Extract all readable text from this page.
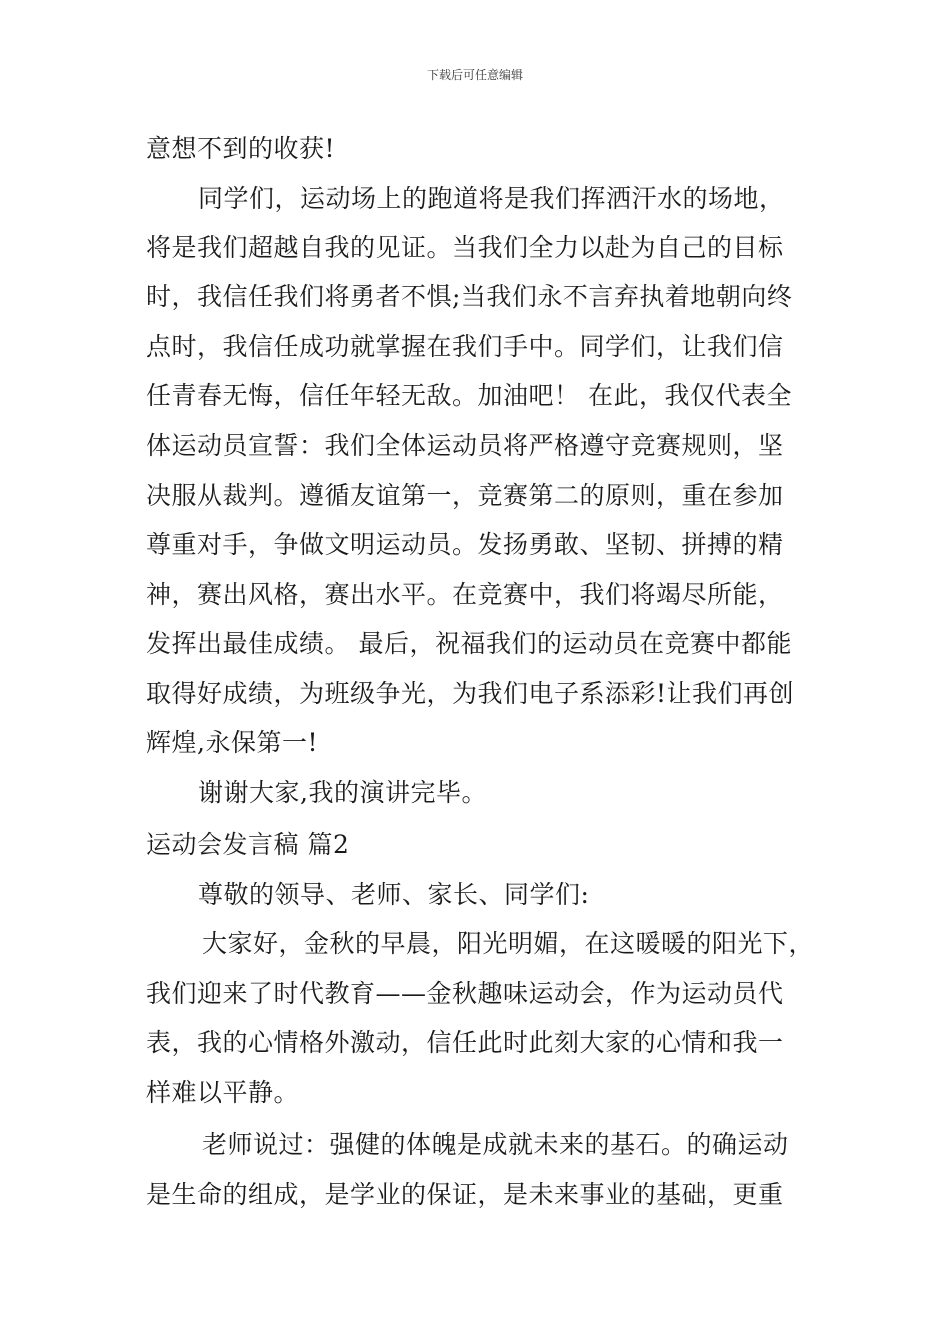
下载后可任意编辑
意想不到的收获!
同学们，运动场上的跑道将是我们挥洒汗水的场地，
将是我们超越自我的见证。当我们全力以赴为自己的目标
时，我信任我们将勇者不惧;当我们永不言弃执着地朝向终
点时，我信任成功就掌握在我们手中。同学们，让我们信
任青春无悔，信任年轻无敌。加油吧！ 在此，我仅代表全
体运动员宣誓：我们全体运动员将严格遵守竞赛规则，坚
决服从裁判。遵循友谊第一，竞赛第二的原则，重在参加
尊重对手，争做文明运动员。发扬勇敢、坚韧、拼搏的精
神，赛出风格，赛出水平。在竞赛中，我们将竭尽所能，
发挥出最佳成绩。 最后，祝福我们的运动员在竞赛中都能
取得好成绩，为班级争光，为我们电子系添彩!让我们再创
辉煌,永保第一!
谢谢大家,我的演讲完毕。
运动会发言稿 篇2
尊敬的领导、老师、家长、同学们:
大家好，金秋的早晨，阳光明媚，在这暖暖的阳光下，
我们迎来了时代教育——金秋趣味运动会，作为运动员代
表，我的心情格外激动，信任此时此刻大家的心情和我一
样难以平静。
老师说过：强健的体魄是成就未来的基石。的确运动
是生命的组成，是学业的保证，是未来事业的基础，更重
